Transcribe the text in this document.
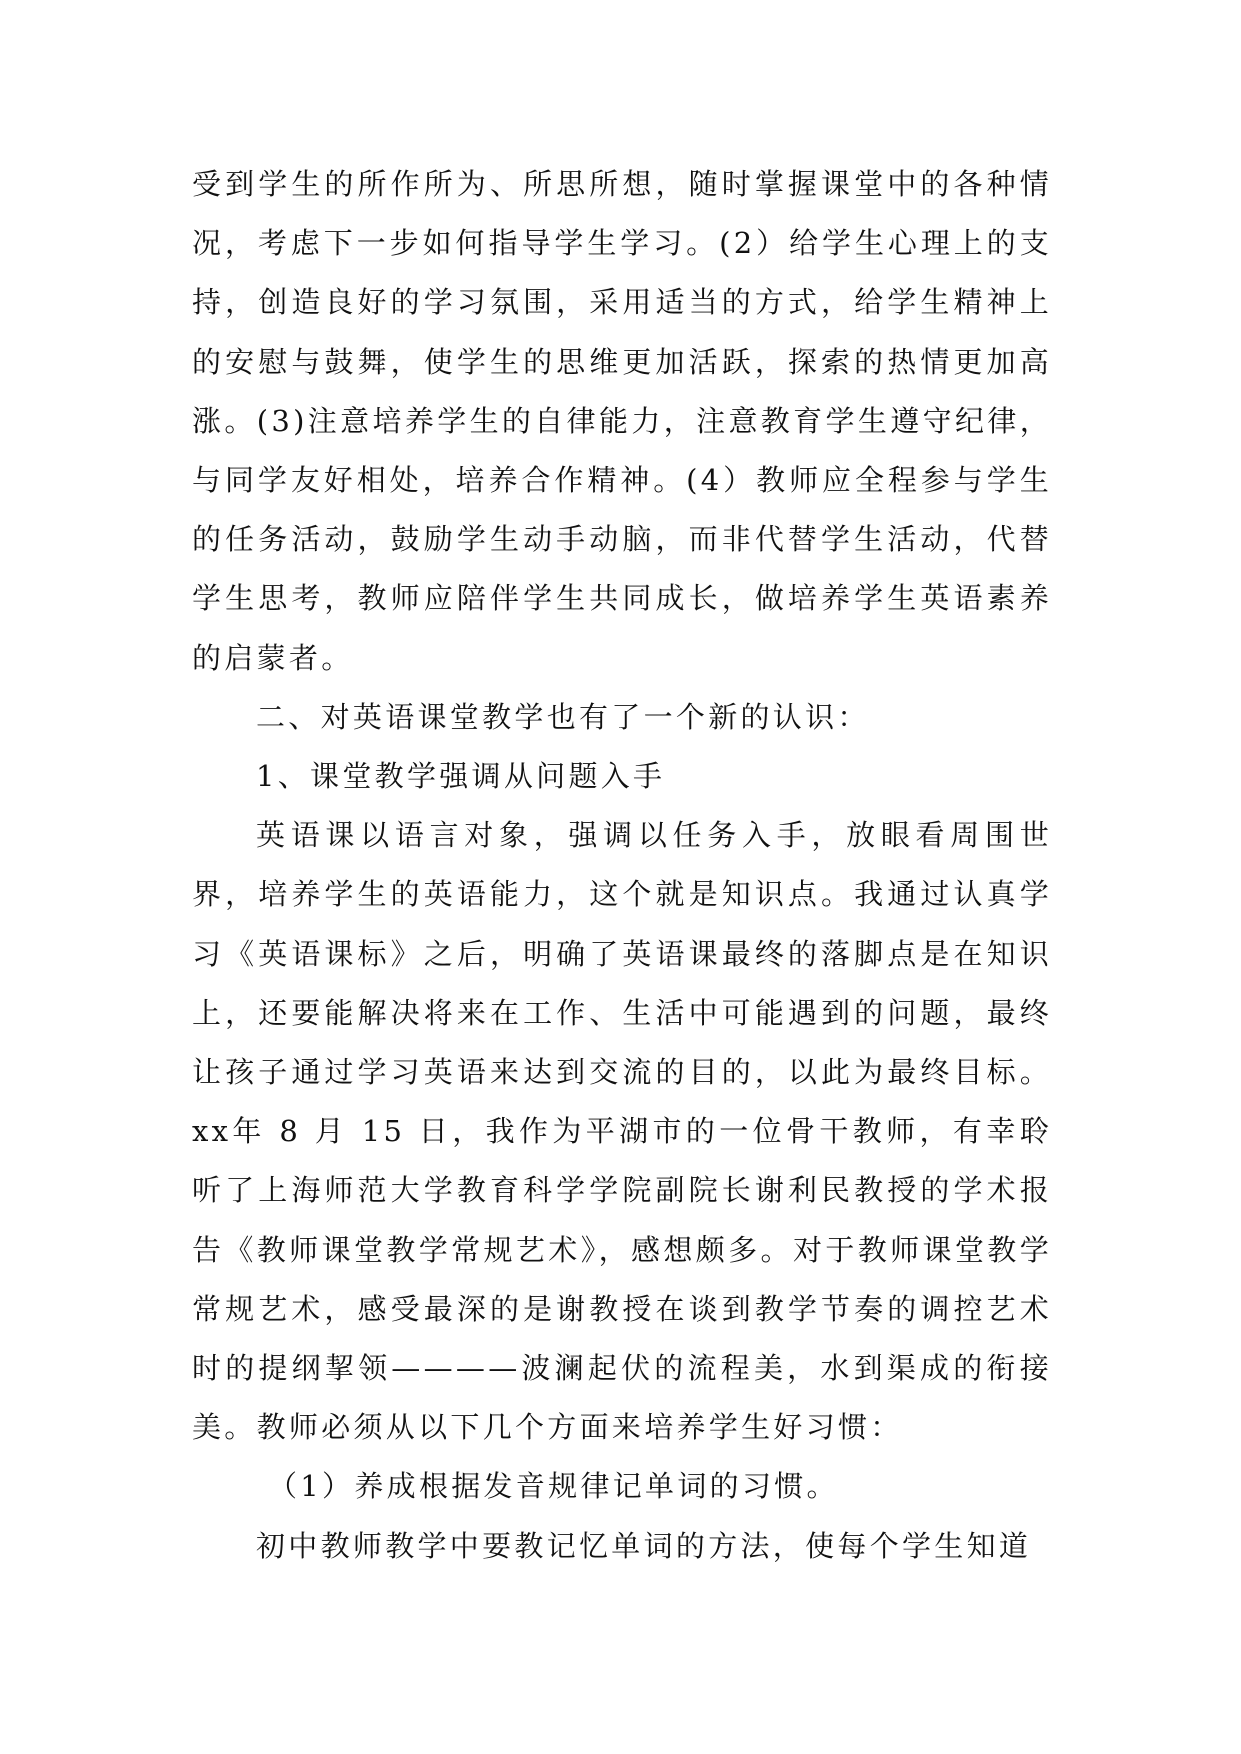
受到学生的所作所为、所思所想，随时掌握课堂中的各种情况，考虑下一步如何指导学生学习。(2）给学生心理上的支持，创造良好的学习氛围，采用适当的方式，给学生精神上的安慰与鼓舞，使学生的思维更加活跃，探索的热情更加高涨。(3)注意培养学生的自律能力，注意教育学生遵守纪律，与同学友好相处，培养合作精神。(4）教师应全程参与学生的任务活动，鼓励学生动手动脑，而非代替学生活动，代替学生思考，教师应陪伴学生共同成长，做培养学生英语素养的启蒙者。

二、对英语课堂教学也有了一个新的认识：

1、课堂教学强调从问题入手

英语课以语言对象，强调以任务入手，放眼看周围世界，培养学生的英语能力，这个就是知识点。我通过认真学习《英语课标》之后，明确了英语课最终的落脚点是在知识上，还要能解决将来在工作、生活中可能遇到的问题，最终让孩子通过学习英语来达到交流的目的，以此为最终目标。xx年 8 月 15 日，我作为平湖市的一位骨干教师，有幸聆听了上海师范大学教育科学学院副院长谢利民教授的学术报告《教师课堂教学常规艺术》，感想颇多。对于教师课堂教学常规艺术，感受最深的是谢教授在谈到教学节奏的调控艺术时的提纲挈领————波澜起伏的流程美，水到渠成的衔接美。教师必须从以下几个方面来培养学生好习惯：

（1）养成根据发音规律记单词的习惯。

初中教师教学中要教记忆单词的方法，使每个学生知道
